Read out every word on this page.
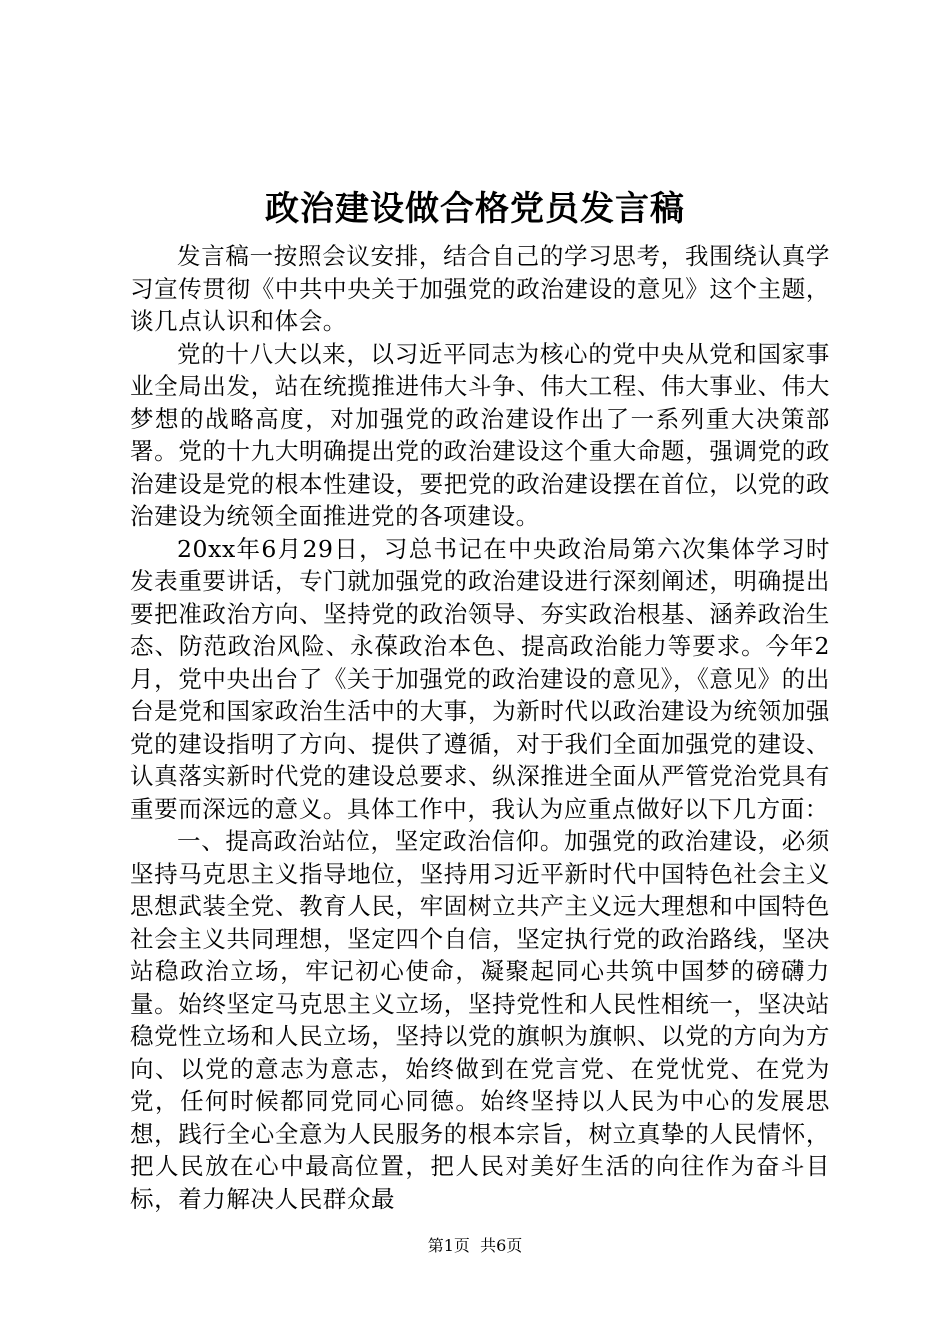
政治建设做合格党员发言稿

发言稿一按照会议安排，结合自己的学习思考，我围绕认真学习宣传贯彻《中共中央关于加强党的政治建设的意见》这个主题，谈几点认识和体会。

党的十八大以来，以习近平同志为核心的党中央从党和国家事业全局出发，站在统揽推进伟大斗争、伟大工程、伟大事业、伟大梦想的战略高度，对加强党的政治建设作出了一系列重大决策部署。党的十九大明确提出党的政治建设这个重大命题，强调党的政治建设是党的根本性建设，要把党的政治建设摆在首位，以党的政治建设为统领全面推进党的各项建设。

20xx年6月29日，习总书记在中央政治局第六次集体学习时发表重要讲话，专门就加强党的政治建设进行深刻阐述，明确提出要把准政治方向、坚持党的政治领导、夯实政治根基、涵养政治生态、防范政治风险、永葆政治本色、提高政治能力等要求。今年2月，党中央出台了《关于加强党的政治建设的意见》，《意见》的出台是党和国家政治生活中的大事，为新时代以政治建设为统领加强党的建设指明了方向、提供了遵循，对于我们全面加强党的建设、认真落实新时代党的建设总要求、纵深推进全面从严管党治党具有重要而深远的意义。具体工作中，我认为应重点做好以下几方面：

一、提高政治站位，坚定政治信仰。加强党的政治建设，必须坚持马克思主义指导地位，坚持用习近平新时代中国特色社会主义思想武装全党、教育人民，牢固树立共产主义远大理想和中国特色社会主义共同理想，坚定四个自信，坚定执行党的政治路线，坚决站稳政治立场，牢记初心使命，凝聚起同心共筑中国梦的磅礴力量。始终坚定马克思主义立场，坚持党性和人民性相统一，坚决站稳党性立场和人民立场，坚持以党的旗帜为旗帜、以党的方向为方向、以党的意志为意志，始终做到在党言党、在党忧党、在党为党，任何时候都同党同心同德。始终坚持以人民为中心的发展思想，践行全心全意为人民服务的根本宗旨，树立真挚的人民情怀，把人民放在心中最高位置，把人民对美好生活的向往作为奋斗目标，着力解决人民群众最

第1页 共6页
